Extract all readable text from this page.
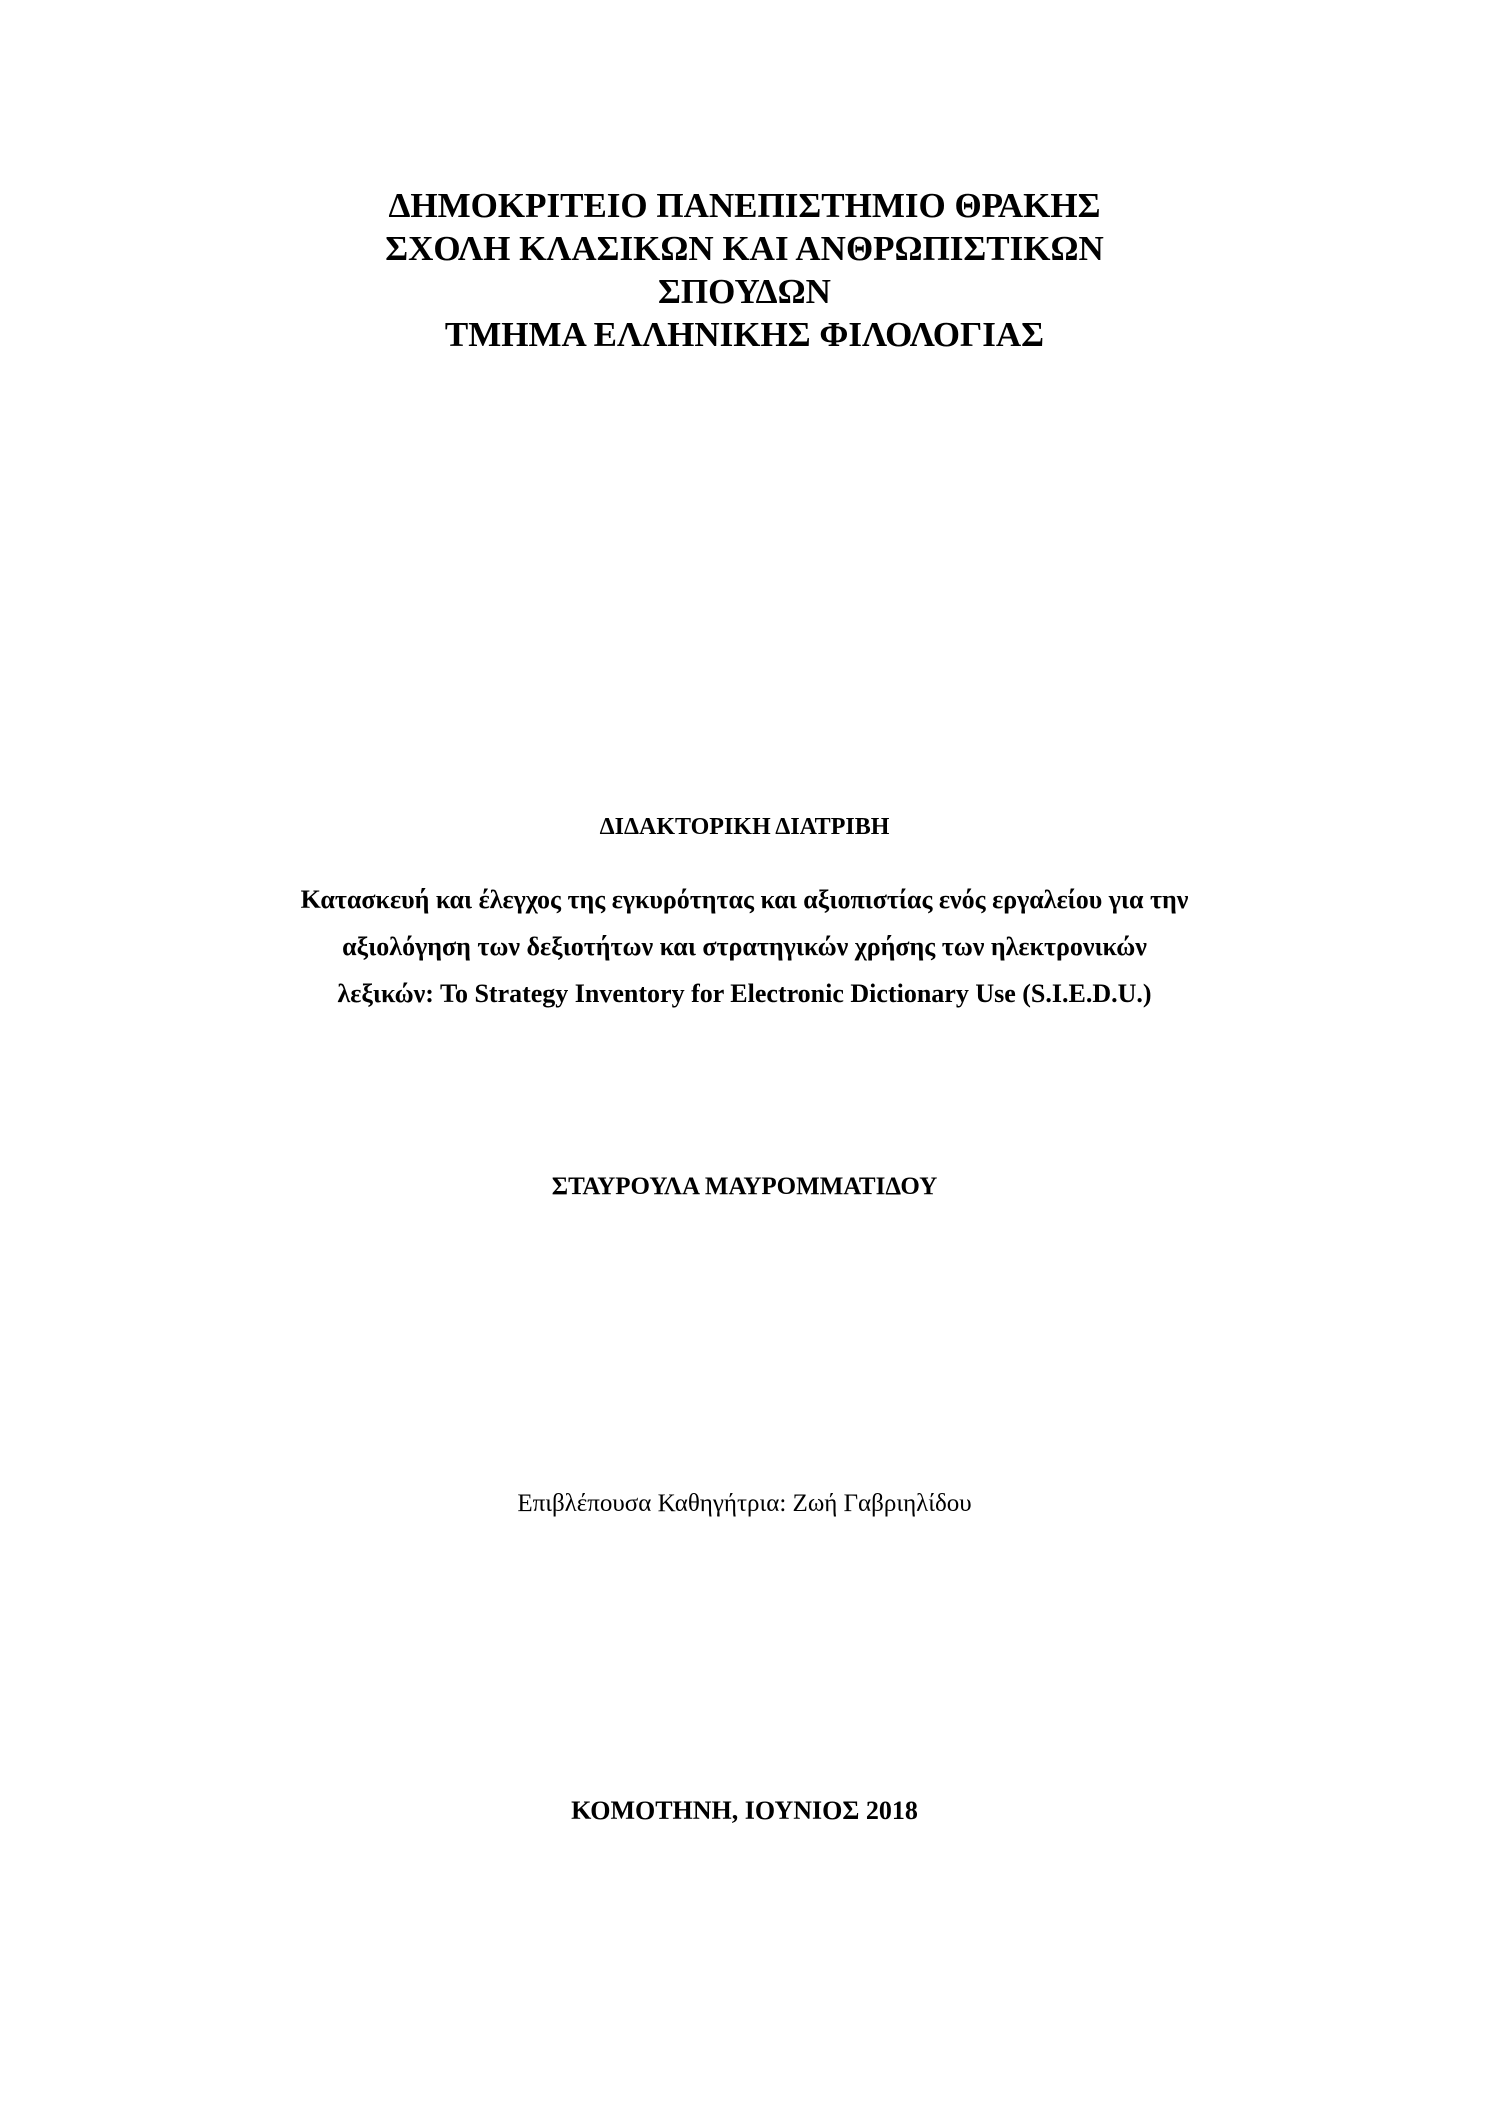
ΔΗΜΟΚΡΙΤΕΙΟ ΠΑΝΕΠΙΣΤΗΜΙΟ ΘΡΑΚΗΣ
ΣΧΟΛΗ ΚΛΑΣΙΚΩΝ ΚΑΙ ΑΝΘΡΩΠΙΣΤΙΚΩΝ
ΣΠΟΥΔΩΝ
ΤΜΗΜΑ ΕΛΛΗΝΙΚΗΣ ΦΙΛΟΛΟΓΙΑΣ
ΔΙΔΑΚΤΟΡΙΚΗ ΔΙΑΤΡΙΒΗ
Κατασκευή και έλεγχος της εγκυρότητας και αξιοπιστίας ενός εργαλείου για την
αξιολόγηση των δεξιοτήτων και στρατηγικών χρήσης των ηλεκτρονικών
λεξικών: Το Strategy Inventory for Electronic Dictionary Use (S.I.E.D.U.)
ΣΤΑΥΡΟΥΛΑ ΜΑΥΡΟΜΜΑΤΙΔΟΥ
Επιβλέπουσα Καθηγήτρια: Ζωή Γαβριηλίδου
ΚΟΜΟΤΗΝΗ, ΙΟΥΝΙΟΣ 2018
